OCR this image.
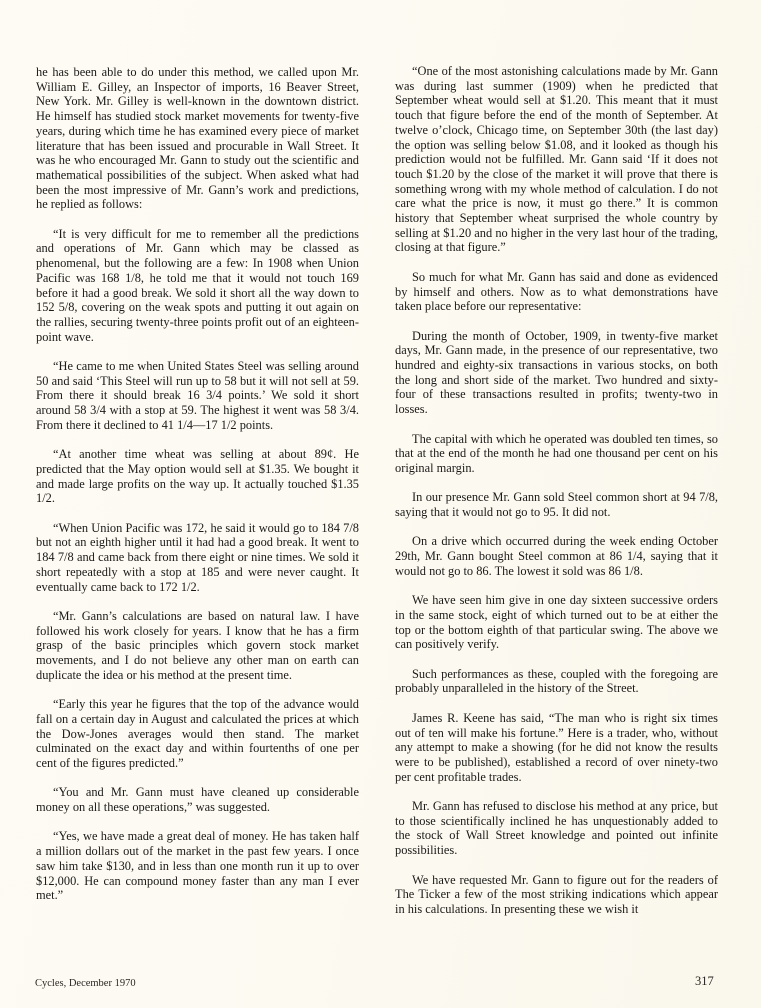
he has been able to do under this method, we called upon Mr. William E. Gilley, an Inspector of imports, 16 Beaver Street, New York. Mr. Gilley is well-known in the downtown district. He himself has studied stock market movements for twenty-five years, during which time he has examined every piece of market literature that has been issued and procurable in Wall Street. It was he who encouraged Mr. Gann to study out the scientific and mathematical possibilities of the subject. When asked what had been the most impressive of Mr. Gann’s work and predictions, he replied as follows:

“It is very difficult for me to remember all the predictions and operations of Mr. Gann which may be classed as phenomenal, but the following are a few: In 1908 when Union Pacific was 168 1/8, he told me that it would not touch 169 before it had a good break. We sold it short all the way down to 152 5/8, covering on the weak spots and putting it out again on the rallies, securing twenty-three points profit out of an eighteen-point wave.

“He came to me when United States Steel was selling around 50 and said ‘This Steel will run up to 58 but it will not sell at 59. From there it should break 16 3/4 points.’ We sold it short around 58 3/4 with a stop at 59. The highest it went was 58 3/4. From there it declined to 41 1/4—17 1/2 points.

“At another time wheat was selling at about 89¢. He predicted that the May option would sell at $1.35. We bought it and made large profits on the way up. It actually touched $1.35 1/2.

“When Union Pacific was 172, he said it would go to 184 7/8 but not an eighth higher until it had had a good break. It went to 184 7/8 and came back from there eight or nine times. We sold it short repeatedly with a stop at 185 and were never caught. It eventually came back to 172 1/2.

“Mr. Gann’s calculations are based on natural law. I have followed his work closely for years. I know that he has a firm grasp of the basic principles which govern stock market movements, and I do not believe any other man on earth can duplicate the idea or his method at the present time.

“Early this year he figures that the top of the advance would fall on a certain day in August and calculated the prices at which the Dow-Jones averages would then stand. The market culminated on the exact day and within fourtenths of one per cent of the figures predicted.”

“You and Mr. Gann must have cleaned up considerable money on all these operations,” was suggested.

“Yes, we have made a great deal of money. He has taken half a million dollars out of the market in the past few years. I once saw him take $130, and in less than one month run it up to over $12,000. He can compound money faster than any man I ever met.”

“One of the most astonishing calculations made by Mr. Gann was during last summer (1909) when he predicted that September wheat would sell at $1.20. This meant that it must touch that figure before the end of the month of September. At twelve o’clock, Chicago time, on September 30th (the last day) the option was selling below $1.08, and it looked as though his prediction would not be fulfilled. Mr. Gann said ‘If it does not touch $1.20 by the close of the market it will prove that there is something wrong with my whole method of calculation. I do not care what the price is now, it must go there.” It is common history that September wheat surprised the whole country by selling at $1.20 and no higher in the very last hour of the trading, closing at that figure.”

So much for what Mr. Gann has said and done as evidenced by himself and others. Now as to what demonstrations have taken place before our representative:

During the month of October, 1909, in twenty-five market days, Mr. Gann made, in the presence of our representative, two hundred and eighty-six transactions in various stocks, on both the long and short side of the market. Two hundred and sixty-four of these transactions resulted in profits; twenty-two in losses.

The capital with which he operated was doubled ten times, so that at the end of the month he had one thousand per cent on his original margin.

In our presence Mr. Gann sold Steel common short at 94 7/8, saying that it would not go to 95. It did not.

On a drive which occurred during the week ending October 29th, Mr. Gann bought Steel common at 86 1/4, saying that it would not go to 86. The lowest it sold was 86 1/8.

We have seen him give in one day sixteen successive orders in the same stock, eight of which turned out to be at either the top or the bottom eighth of that particular swing. The above we can positively verify.

Such performances as these, coupled with the foregoing are probably unparalleled in the history of the Street.

James R. Keene has said, “The man who is right six times out of ten will make his fortune.” Here is a trader, who, without any attempt to make a showing (for he did not know the results were to be published), established a record of over ninety-two per cent profitable trades.

Mr. Gann has refused to disclose his method at any price, but to those scientifically inclined he has unquestionably added to the stock of Wall Street knowledge and pointed out infinite possibilities.

We have requested Mr. Gann to figure out for the readers of The Ticker a few of the most striking indications which appear in his calculations. In presenting these we wish it

Cycles, December 1970	317
